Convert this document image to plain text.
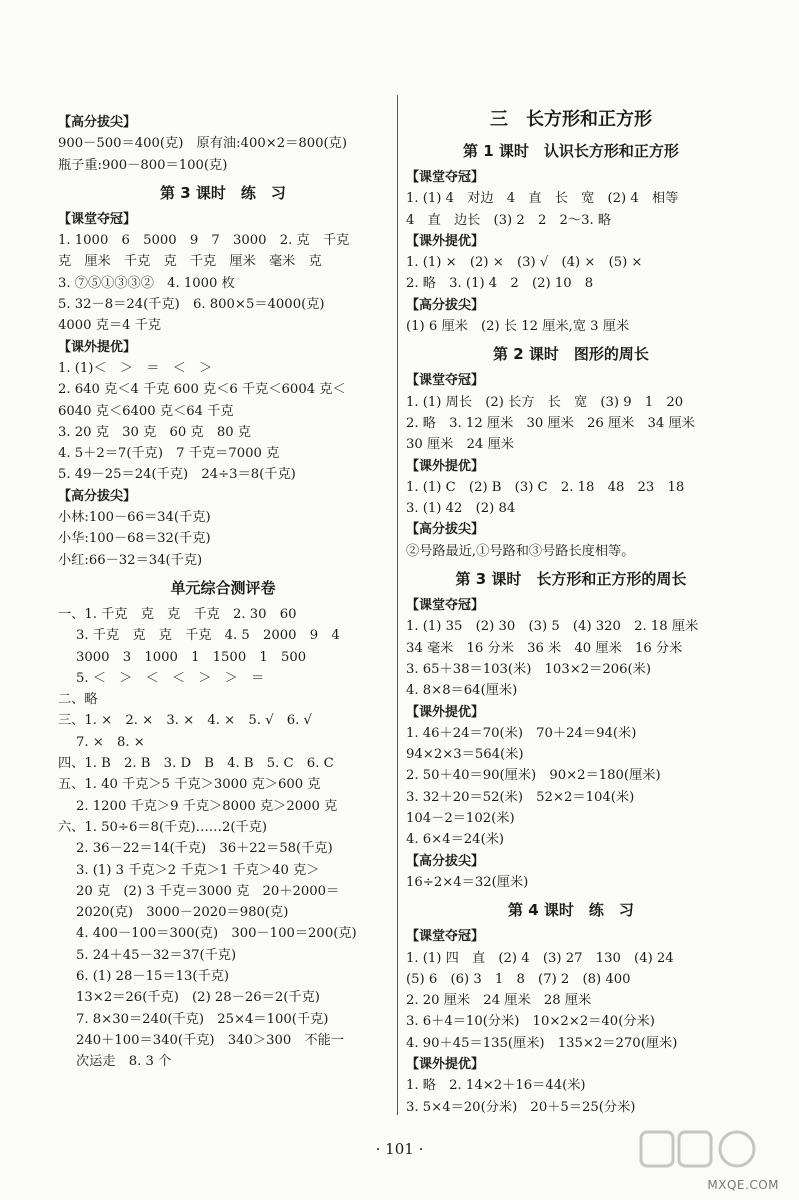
【高分拔尖】
900－500＝400(克)　原有油:400×2＝800(克)
瓶子重:900－800＝100(克)
第 3 课时　练　习
【课堂夺冠】
1. 1000　6　5000　9　7　3000　2. 克　千克
克　厘米　千克　克　千克　厘米　毫米　克
3. ⑦⑤①③③②　4. 1000 枚
5. 32－8＝24(千克)　6. 800×5＝4000(克)
4000 克＝4 千克
【课外提优】
1. (1)＜　＞　＝　＜　＞
2. 640 克＜4 千克 600 克＜6 千克＜6004 克＜
6040 克＜6400 克＜64 千克
3. 20 克　30 克　60 克　80 克
4. 5＋2＝7(千克)　7 千克＝7000 克
5. 49－25＝24(千克)　24÷3＝8(千克)
【高分拔尖】
小林:100－66＝34(千克)
小华:100－68＝32(千克)
小红:66－32＝34(千克)
单元综合测评卷
一、1. 千克　克　克　千克　2. 30　60
3. 千克　克　克　千克　4. 5　2000　9　4
3000　3　1000　1　1500　1　500
5. ＜　＞　＜　＜　＞　＞　＝
二、略
三、1. ×　2. ×　3. ×　4. ×　5. √　6. √
7. ×　8. ×
四、1. B　2. B　3. D　B　4. B　5. C　6. C
五、1. 40 千克＞5 千克＞3000 克＞600 克
2. 1200 千克＞9 千克＞8000 克＞2000 克
六、1. 50÷6＝8(千克)……2(千克)
2. 36－22＝14(千克)　36＋22＝58(千克)
3. (1) 3 千克＞2 千克＞1 千克＞40 克＞
20 克　(2) 3 千克＝3000 克　20＋2000＝
2020(克)　3000－2020＝980(克)
4. 400－100＝300(克)　300－100＝200(克)
5. 24＋45－32＝37(千克)
6. (1) 28－15＝13(千克)
13×2＝26(千克)　(2) 28－26＝2(千克)
7. 8×30＝240(千克)　25×4＝100(千克)
240＋100＝340(千克)　340＞300　不能一
次运走　8. 3 个
三　长方形和正方形
第 1 课时　认识长方形和正方形
【课堂夺冠】
1. (1) 4　对边　4　直　长　宽　(2) 4　相等
4　直　边长　(3) 2　2　2～3. 略
【课外提优】
1. (1) ×　(2) ×　(3) √　(4) ×　(5) ×
2. 略　3. (1) 4　2　(2) 10　8
【高分拔尖】
(1) 6 厘米　(2) 长 12 厘米,宽 3 厘米
第 2 课时　图形的周长
【课堂夺冠】
1. (1) 周长　(2) 长方　长　宽　(3) 9　1　20
2. 略　3. 12 厘米　30 厘米　26 厘米　34 厘米
30 厘米　24 厘米
【课外提优】
1. (1) C　(2) B　(3) C　2. 18　48　23　18
3. (1) 42　(2) 84
【高分拔尖】
②号路最近,①号路和③号路长度相等。
第 3 课时　长方形和正方形的周长
【课堂夺冠】
1. (1) 35　(2) 30　(3) 5　(4) 320　2. 18 厘米
34 毫米　16 分米　36 米　40 厘米　16 分米
3. 65＋38＝103(米)　103×2＝206(米)
4. 8×8＝64(厘米)
【课外提优】
1. 46＋24＝70(米)　70＋24＝94(米)
94×2×3＝564(米)
2. 50＋40＝90(厘米)　90×2＝180(厘米)
3. 32＋20＝52(米)　52×2＝104(米)
104－2＝102(米)
4. 6×4＝24(米)
【高分拔尖】
16÷2×4＝32(厘米)
第 4 课时　练　习
【课堂夺冠】
1. (1) 四　直　(2) 4　(3) 27　130　(4) 24
(5) 6　(6) 3　1　8　(7) 2　(8) 400
2. 20 厘米　24 厘米　28 厘米
3. 6＋4＝10(分米)　10×2×2＝40(分米)
4. 90＋45＝135(厘米)　135×2＝270(厘米)
【课外提优】
1. 略　2. 14×2＋16＝44(米)
3. 5×4＝20(分米)　20＋5＝25(分米)
· 101 ·
MXQE.COM
